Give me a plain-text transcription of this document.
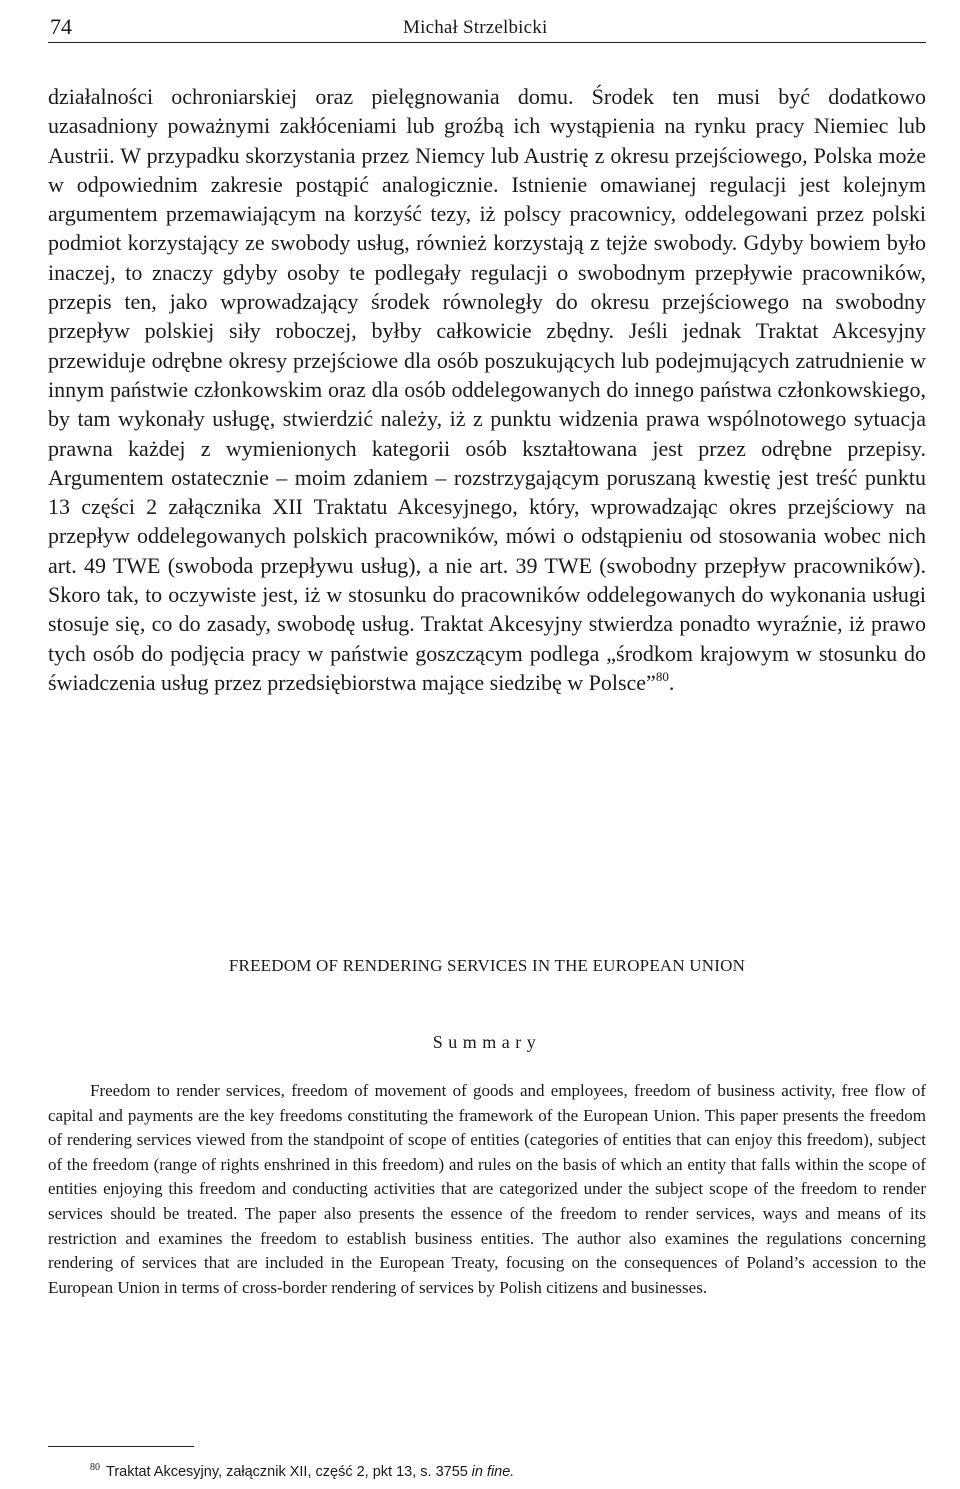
74	Michał Strzelbicki

działalności ochroniarskiej oraz pielęgnowania domu. Środek ten musi być dodatkowo uzasadniony poważnymi zakłóceniami lub groźbą ich wystąpienia na rynku pracy Niemiec lub Austrii. W przypadku skorzystania przez Niemcy lub Austrię z okresu przejściowego, Polska może w odpowiednim zakresie postąpić analogicznie. Istnienie omawianej regulacji jest kolejnym argumentem przemawiającym na korzyść tezy, iż polscy pracownicy, oddelegowani przez polski podmiot korzystający ze swobody usług, również korzystają z tejże swobody. Gdyby bowiem było inaczej, to znaczy gdyby osoby te podlegały regulacji o swobodnym przepływie pracowników, przepis ten, jako wprowadzający środek równoległy do okresu przejściowego na swobodny przepływ polskiej siły roboczej, byłby całkowicie zbędny. Jeśli jednak Traktat Akcesyjny przewiduje odrębne okresy przejściowe dla osób poszukujących lub podejmujących zatrudnienie w innym państwie członkowskim oraz dla osób oddelegowanych do innego państwa członkowskiego, by tam wykonały usługę, stwierdzić należy, iż z punktu widzenia prawa wspólnotowego sytuacja prawna każdej z wymienionych kategorii osób kształtowana jest przez odrębne przepisy. Argumentem ostatecznie – moim zdaniem – rozstrzygającym poruszaną kwestię jest treść punktu 13 części 2 załącznika XII Traktatu Akcesyjnego, który, wprowadzając okres przejściowy na przepływ oddelegowanych polskich pracowników, mówi o odstąpieniu od stosowania wobec nich art. 49 TWE (swoboda przepływu usług), a nie art. 39 TWE (swobodny przepływ pracowników). Skoro tak, to oczywiste jest, iż w stosunku do pracowników oddelegowanych do wykonania usługi stosuje się, co do zasady, swobodę usług. Traktat Akcesyjny stwierdza ponadto wyraźnie, iż prawo tych osób do podjęcia pracy w państwie goszczącym podlega „środkom krajowym w stosunku do świadczenia usług przez przedsiębiorstwa mające siedzibę w Polsce”$^{80}$.

FREEDOM OF RENDERING SERVICES IN THE EUROPEAN UNION
Summary

Freedom to render services, freedom of movement of goods and employees, freedom of business activity, free flow of capital and payments are the key freedoms constituting the framework of the European Union. This paper presents the freedom of rendering services viewed from the standpoint of scope of entities (categories of entities that can enjoy this freedom), subject of the freedom (range of rights enshrined in this freedom) and rules on the basis of which an entity that falls within the scope of entities enjoying this freedom and conducting activities that are categorized under the subject scope of the freedom to render services should be treated. The paper also presents the essence of the freedom to render services, ways and means of its restriction and examines the freedom to establish business entities. The author also examines the regulations concerning rendering of services that are included in the European Treaty, focusing on the consequences of Poland’s accession to the European Union in terms of cross-border rendering of services by Polish citizens and businesses.

$^{80}$ Traktat Akcesyjny, załącznik XII, część 2, pkt 13, s. 3755 in fine.
